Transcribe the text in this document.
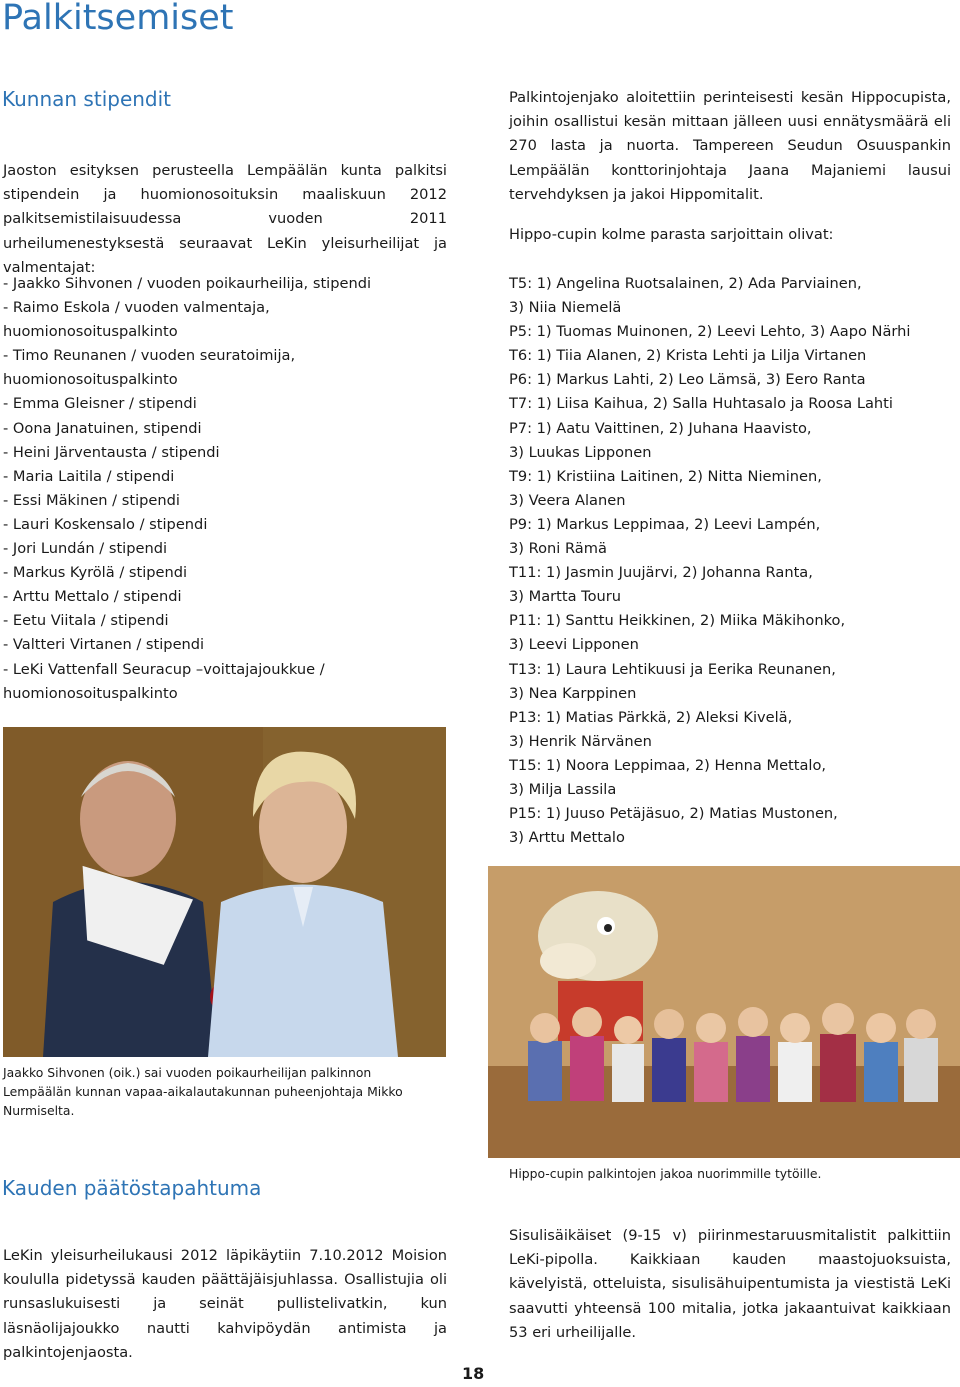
Palkitsemiset
Kunnan stipendit

Jaoston esityksen perusteella Lempäälän kunta palkitsi stipendein ja huomionosoituksin maaliskuun 2012 palkitsemistilaisuudessa vuoden 2011 urheilumenestyksestä seuraavat LeKin yleisurheilijat ja valmentajat:

- Jaakko Sihvonen / vuoden poikaurheilija, stipendi
- Raimo Eskola / vuoden valmentaja,
huomionosoituspalkinto
- Timo Reunanen / vuoden seuratoimija,
huomionosoituspalkinto
- Emma Gleisner / stipendi
- Oona Janatuinen, stipendi
- Heini Järventausta / stipendi
- Maria Laitila / stipendi
- Essi Mäkinen / stipendi
- Lauri Koskensalo / stipendi
- Jori Lundán / stipendi
- Markus Kyrölä / stipendi
- Arttu Mettalo / stipendi
- Eetu Viitala / stipendi
- Valtteri Virtanen / stipendi
- LeKi Vattenfall Seuracup –voittajajoukkue /
huomionosoituspalkinto

Jaakko Sihvonen (oik.) sai vuoden poikaurheilijan palkinnon
Lempäälän kunnan vapaa-aikalautakunnan puheenjohtaja Mikko
Nurmiselta.

Kauden päätöstapahtuma

LeKin yleisurheilukausi 2012 läpikäytiin 7.10.2012 Moision koululla pidetyssä kauden päättäjäisjuhlassa. Osallistujia oli runsaslukuisesti ja seinät pullistelivatkin, kun läsnäolijajoukko nautti kahvipöydän antimista ja palkintojenjaosta.

Palkintojenjako aloitettiin perinteisesti kesän Hippocupista, joihin osallistui kesän mittaan jälleen uusi ennätysmäärä eli 270 lasta ja nuorta. Tampereen Seudun Osuuspankin Lempäälän konttorinjohtaja Jaana Majaniemi lausui tervehdyksen ja jakoi Hippomitalit.

Hippo-cupin kolme parasta sarjoittain olivat:

T5: 1) Angelina Ruotsalainen, 2) Ada Parviainen,
3) Niia Niemelä
P5: 1) Tuomas Muinonen, 2) Leevi Lehto, 3) Aapo Närhi
T6: 1) Tiia Alanen, 2) Krista Lehti ja Lilja Virtanen
P6: 1) Markus Lahti, 2) Leo Lämsä, 3) Eero Ranta
T7: 1) Liisa Kaihua, 2) Salla Huhtasalo ja Roosa Lahti
P7: 1) Aatu Vaittinen, 2) Juhana Haavisto,
3) Luukas Lipponen
T9: 1) Kristiina Laitinen, 2) Nitta Nieminen,
3) Veera Alanen
P9: 1) Markus Leppimaa, 2) Leevi Lampén,
3) Roni Rämä
T11: 1) Jasmin Juujärvi, 2) Johanna Ranta,
3) Martta Touru
P11: 1) Santtu Heikkinen, 2) Miika Mäkihonko,
3) Leevi Lipponen
T13: 1) Laura Lehtikuusi ja Eerika Reunanen,
3) Nea Karppinen
P13: 1) Matias Pärkkä, 2) Aleksi Kivelä,
3) Henrik Närvänen
T15: 1) Noora Leppimaa, 2) Henna Mettalo,
3) Milja Lassila
P15: 1) Juuso Petäjäsuo, 2) Matias Mustonen,
3) Arttu Mettalo

Hippo-cupin palkintojen jakoa nuorimmille tytöille.

Sisulisäikäiset (9-15 v) piirinmestaruusmitalistit palkittiin LeKi-pipolla. Kaikkiaan kauden maastojuoksuista, kävelyistä, otteluista, sisulisähuipentumista ja viestistä LeKi saavutti yhteensä 100 mitalia, jotka jakaantuivat kaikkiaan 53 eri urheilijalle.

18
